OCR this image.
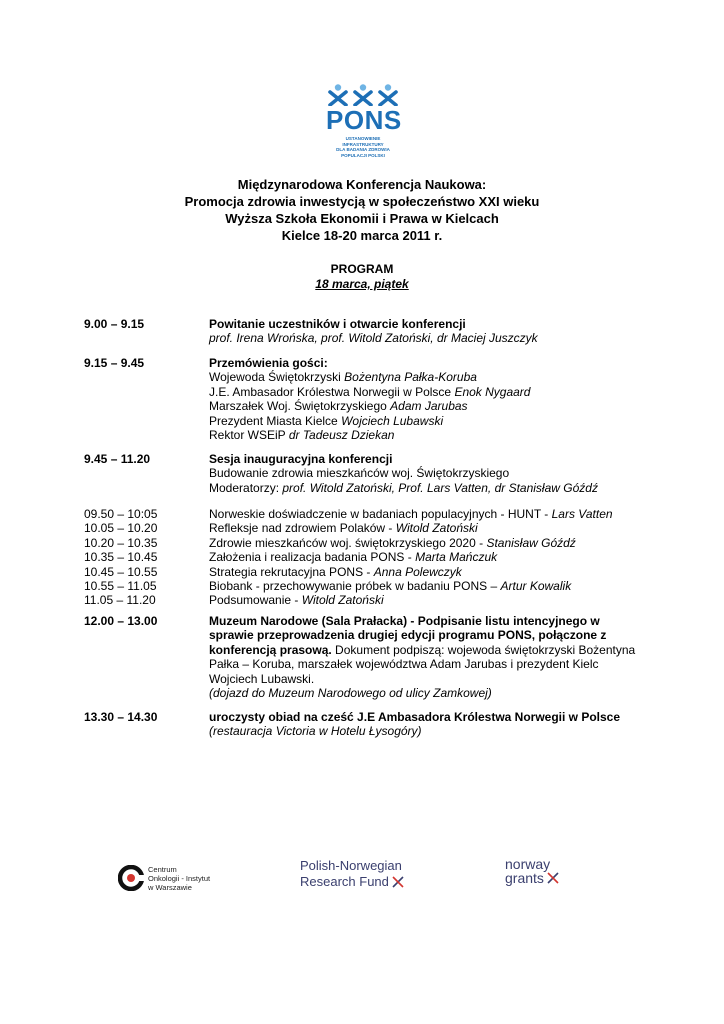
PONS
USTANOWIENIE INFRASTRUKTURY
DLA BADANIA ZDROWIA
POPULACJI POLSKI
Międzynarodowa Konferencja Naukowa:
Promocja zdrowia inwestycją w społeczeństwo XXI wieku
Wyższa Szkoła Ekonomii i Prawa w Kielcach
Kielce 18-20 marca 2011 r.
PROGRAM
18 marca, piątek
9.00 – 9.15	Powitanie uczestników i otwarcie konferencji
prof. Irena Wrońska, prof. Witold Zatoński, dr Maciej Juszczyk
9.15 – 9.45	Przemówienia gości:
Wojewoda Świętokrzyski Bożentyna Pałka-Koruba
J.E. Ambasador Królestwa Norwegii w Polsce Enok Nygaard
Marszałek Woj. Świętokrzyskiego Adam Jarubas
Prezydent Miasta Kielce Wojciech Lubawski
Rektor WSEiP dr Tadeusz Dziekan
9.45 – 11.20	Sesja inauguracyjna konferencji
Budowanie zdrowia mieszkańców woj. Świętokrzyskiego
Moderatorzy: prof. Witold Zatoński, Prof. Lars Vatten, dr Stanisław Góźdź
09.50 – 10:05	Norweskie doświadczenie w badaniach populacyjnych - HUNT - Lars Vatten
10.05 – 10.20	Refleksje nad zdrowiem Polaków - Witold Zatoński
10.20 – 10.35	Zdrowie mieszkańców woj. świętokrzyskiego 2020 - Stanisław Góźdź
10.35 – 10.45	Założenia i realizacja badania PONS - Marta Mańczuk
10.45 – 10.55	Strategia rekrutacyjna PONS - Anna Polewczyk
10.55 – 11.05	Biobank - przechowywanie próbek w badaniu PONS – Artur Kowalik
11.05 – 11.20	Podsumowanie - Witold Zatoński
12.00 – 13.00	Muzeum Narodowe (Sala Prałacka) - Podpisanie listu intencyjnego w sprawie przeprowadzenia drugiej edycji programu PONS, połączone z konferencją prasową. Dokument podpiszą: wojewoda świętokrzyski Bożentyna Pałka – Koruba, marszałek województwa Adam Jarubas i prezydent Kielc Wojciech Lubawski.
(dojazd do Muzeum Narodowego od ulicy Zamkowej)
13.30 – 14.30	uroczysty obiad na cześć J.E Ambasadora Królestwa Norwegii w Polsce
(restauracja Victoria w Hotelu Łysogóry)
Centrum
Onkologii - Instytut
w Warszawie
Polish-Norwegian
Research Fund
norway
grants
